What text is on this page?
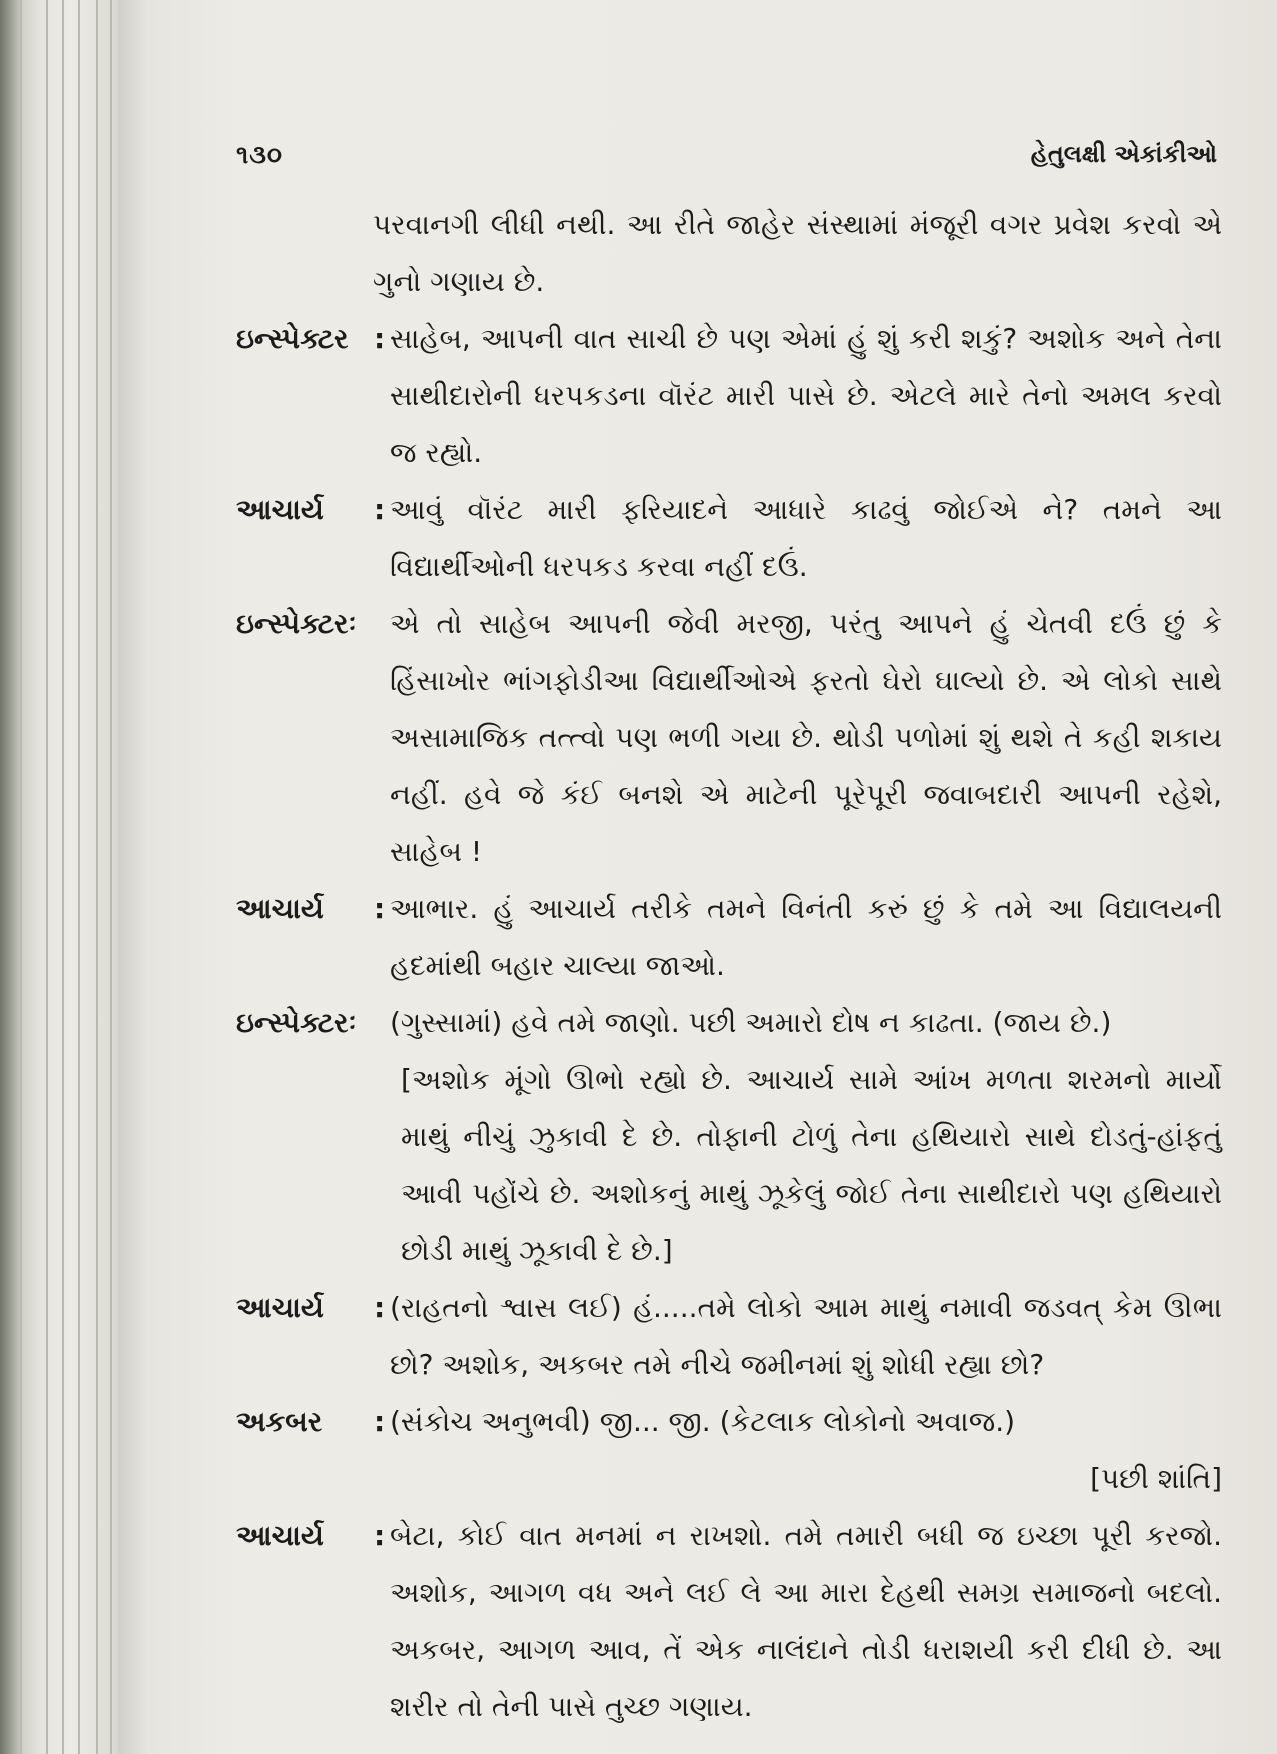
૧૩૦	હેતુલક્ષી એકાંકીઓ
પરવાનગી લીધી નથી. આ રીતે જાહેર સંસ્થામાં મંજૂરી વગર પ્રવેશ કરવો એ ગુનો ગણાય છે.
ઇન્સ્પેક્ટર : સાહેબ, આપની વાત સાચી છે પણ એમાં હું શું કરી શકું? અશોક અને તેના સાથીદારોની ધરપકડના વૉરંટ મારી પાસે છે. એટલે મારે તેનો અમલ કરવો જ રહ્યો.
આચાર્ય	: આવું વૉરંટ મારી ફરિયાદને આધારે કાઢવું જોઈએ ને? તમને આ વિદ્યાર્થીઓની ધરપકડ કરવા નહીં દઉં.
ઇન્સ્પેક્ટરઃ	એ તો સાહેબ આપની જેવી મરજી, પરંતુ આપને હું ચેતવી દઉં છું કે હિંસાખોર ભાંગફોડીઆ વિદ્યાર્થીઓએ ફરતો ઘેરો ઘાલ્યો છે. એ લોકો સાથે અસામાજિક તત્ત્વો પણ ભળી ગયા છે. થોડી પળોમાં શું થશે તે કહી શકાય નહીં. હવે જે કંઈ બનશે એ માટેની પૂરેપૂરી જવાબદારી આપની રહેશે, સાહેબ !
આચાર્ય	: આભાર. હું આચાર્ય તરીકે તમને વિનંતી કરું છું કે તમે આ વિદ્યાલયની હદમાંથી બહાર ચાલ્યા જાઓ.
ઇન્સ્પેક્ટરઃ	(ગુસ્સામાં) હવે તમે જાણો. પછી અમારો દોષ ન કાઢતા. (જાય છે.)
[અશોક મૂંગો ઊભો રહ્યો છે. આચાર્ય સામે આંખ મળતા શરમનો માર્યો માથું નીચું ઝુકાવી દે છે. તોફાની ટોળું તેના હથિયારો સાથે દોડતું-હાંફતું આવી પહોંચે છે. અશોકનું માથું ઝૂકેલું જોઈ તેના સાથીદારો પણ હથિયારો છોડી માથું ઝૂકાવી દે છે.]
આચાર્ય	: (રાહતનો શ્વાસ લઈ) હં.....તમે લોકો આમ માથું નમાવી જડવત્ કેમ ઊભા છો? અશોક, અકબર તમે નીચે જમીનમાં શું શોધી રહ્યા છો?
અકબર	: (સંકોચ અનુભવી) જી... જી. (કેટલાક લોકોનો અવાજ.)
[પછી શાંતિ]
આચાર્ય	: બેટા, કોઈ વાત મનમાં ન રાખશો. તમે તમારી બધી જ ઇચ્છા પૂરી કરજો. અશોક, આગળ વધ અને લઈ લે આ મારા દેહથી સમગ્ર સમાજનો બદલો. અકબર, આગળ આવ, તેં એક નાલંદાને તોડી ધરાશયી કરી દીધી છે. આ શરીર તો તેની પાસે તુચ્છ ગણાય.
